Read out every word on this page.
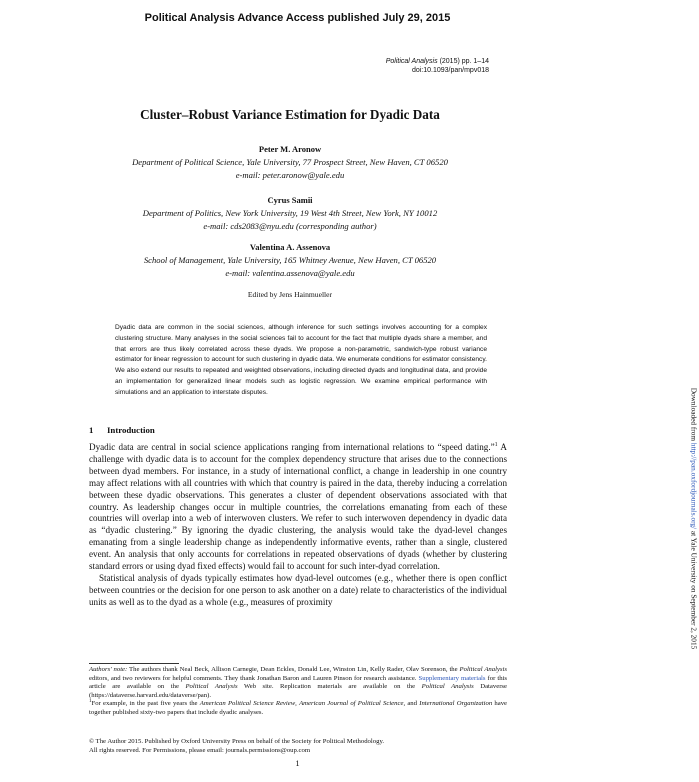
Political Analysis Advance Access published July 29, 2015
Political Analysis (2015) pp. 1–14
doi:10.1093/pan/mpv018
Cluster–Robust Variance Estimation for Dyadic Data
Peter M. Aronow
Department of Political Science, Yale University, 77 Prospect Street, New Haven, CT 06520
e-mail: peter.aronow@yale.edu
Cyrus Samii
Department of Politics, New York University, 19 West 4th Street, New York, NY 10012
e-mail: cds2083@nyu.edu (corresponding author)
Valentina A. Assenova
School of Management, Yale University, 165 Whitney Avenue, New Haven, CT 06520
e-mail: valentina.assenova@yale.edu
Edited by Jens Hainmueller
Dyadic data are common in the social sciences, although inference for such settings involves accounting for a complex clustering structure. Many analyses in the social sciences fail to account for the fact that multiple dyads share a member, and that errors are thus likely correlated across these dyads. We propose a non-parametric, sandwich-type robust variance estimator for linear regression to account for such clustering in dyadic data. We enumerate conditions for estimator consistency. We also extend our results to repeated and weighted observations, including directed dyads and longitudinal data, and provide an implementation for generalized linear models such as logistic regression. We examine empirical performance with simulations and an application to interstate disputes.
1 Introduction

Dyadic data are central in social science applications ranging from international relations to “speed dating.”$^1$ A challenge with dyadic data is to account for the complex dependency structure that arises due to the connections between dyad members. For instance, in a study of international conflict, a change in leadership in one country may affect relations with all countries with which that country is paired in the data, thereby inducing a correlation between these dyadic observations. This generates a cluster of dependent observations associated with that country. As leadership changes occur in multiple countries, the correlations emanating from each of these countries will overlap into a web of interwoven clusters. We refer to such interwoven dependency in dyadic data as “dyadic clustering.” By ignoring the dyadic clustering, the analysis would take the dyad-level changes emanating from a single leadership change as independently informative events, rather than a single, clustered event. An analysis that only accounts for correlations in repeated observations of dyads (whether by clustering standard errors or using dyad fixed effects) would fail to account for such inter-dyad correlation.

Statistical analysis of dyads typically estimates how dyad-level outcomes (e.g., whether there is open conflict between countries or the decision for one person to ask another on a date) relate to characteristics of the individual units as well as to the dyad as a whole (e.g., measures of proximity

Authors' note: The authors thank Neal Beck, Allison Carnegie, Dean Eckles, Donald Lee, Winston Lin, Kelly Rader, Olav Sorenson, the Political Analysis editors, and two reviewers for helpful comments. They thank Jonathan Baron and Lauren Pinson for research assistance. Supplementary materials for this article are available on the Political Analysis Web site. Replication materials are available on the Political Analysis Dataverse (https://dataverse.harvard.edu/dataverse/pan).

$^1$For example, in the past five years the American Political Science Review, American Journal of Political Science, and International Organization have together published sixty-two papers that include dyadic analyses.

© The Author 2015. Published by Oxford University Press on behalf of the Society for Political Methodology.
All rights reserved. For Permissions, please email: journals.permissions@oup.com
1
Downloaded from http://pan.oxfordjournals.org/ at Yale University on September 2, 2015
